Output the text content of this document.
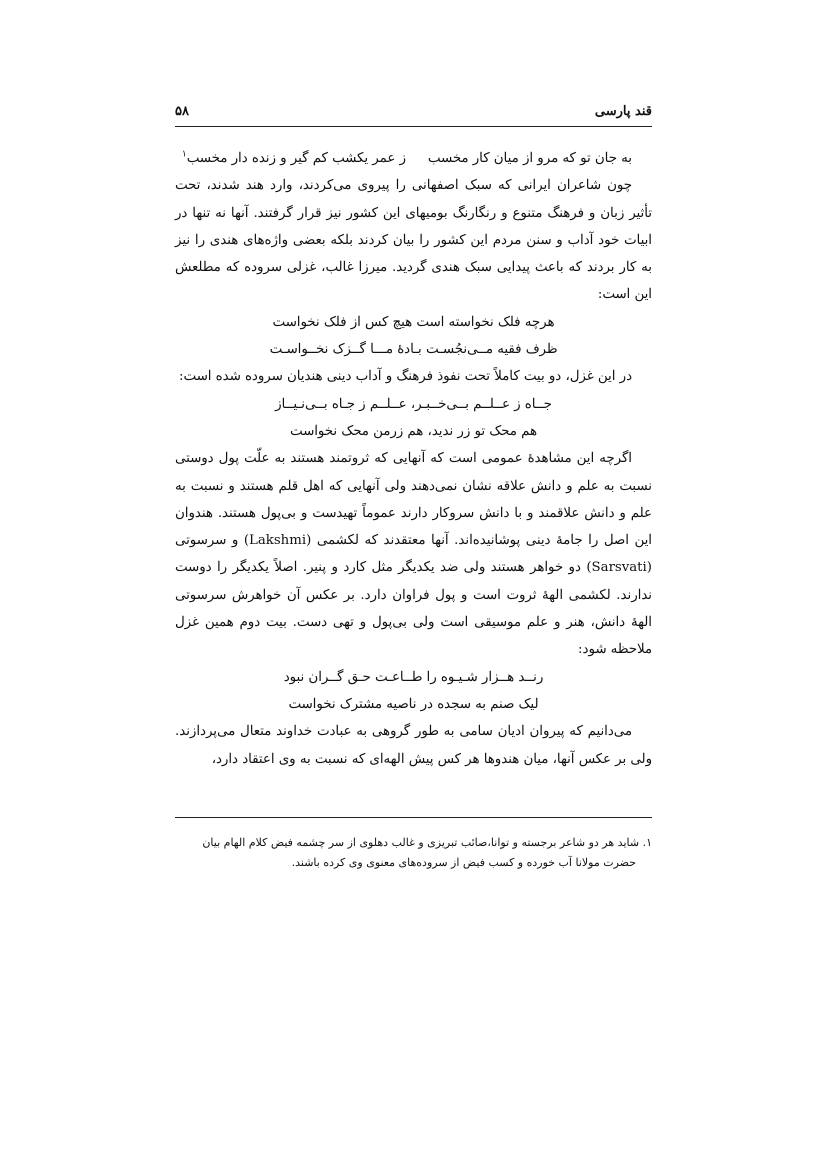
قند پارسی
۵۸

به جان تو که مرو از میان کار مخسبز عمر یکشب کم گیر و زنده دار مخسب$^۱$

چون شاعران ایرانی که سبک اصفهانی را پیروی می‌کردند، وارد هند شدند، تحت تأثیر زبان و فرهنگ متنوع و رنگارنگ بومیهای این کشور نیز قرار گرفتند. آنها نه تنها در ابیات خود آداب و سنن مردم این کشور را بیان کردند بلکه بعضی واژه‌های هندی را نیز به کار بردند که باعث پیدایی سبک هندی گردید. میرزا غالب، غزلی سروده که مطلعش این است:

هرچه فلک نخواسته است هیچ کس از فلک نخواست

ظرف فقیه مــی‌نجُسـت بـادهٔ مـــا گــزک نخــواسـت

در این غزل، دو بیت کاملاً تحت نفوذ فرهنگ و آداب دینی هندیان سروده شده است:

جــاه ز عــلــم بــی‌خــبـر، عــلــم ز جـاه بــی‌نـیــاز

هم محک تو زر ندید، هم زرمن محک نخواست

اگرچه این مشاهدهٔ عمومی است که آنهایی که ثروتمند هستند به علّت پول دوستی نسبت به علم و دانش علاقه نشان نمی‌دهند ولی آنهایی که اهل قلم هستند و نسبت به علم و دانش علاقمند و با دانش سروکار دارند عموماً تهیدست و بی‌پول هستند. هندوان این اصل را جامهٔ دینی پوشانیده‌اند. آنها معتقدند که لکشمی (Lakshmi) و سرسوتی (Sarsvati) دو خواهر هستند ولی ضد یکدیگر مثل کارد و پنیر. اصلاً یکدیگر را دوست ندارند. لکشمی الههٔ ثروت است و پول فراوان دارد. بر عکس آن خواهرش سرسوتی الههٔ دانش، هنر و علم موسیقی است ولی بی‌پول و تهی دست. بیت دوم همین غزل ملاحظه شود:

رنــد هــزار شـیـوه را طــاعـت حـق گــران نبود

لیک صنم به سجده در ناصیه مشترک نخواست

می‌دانیم که پیروان ادیان سامی به طور گروهی به عبادت خداوند متعال می‌پردازند. ولی بر عکس آنها، میان هندوها هر کس پیش الهه‌ای که نسبت به وی اعتقاد دارد،

۱. شاید هر دو شاعر برجسته و توانا،صائب تبریزی و غالب دهلوی از سر چشمه فیض کلام الهام بیان
حضرت مولانا آب خورده و کسب فیض از سروده‌های معنوی وی کرده باشند.
